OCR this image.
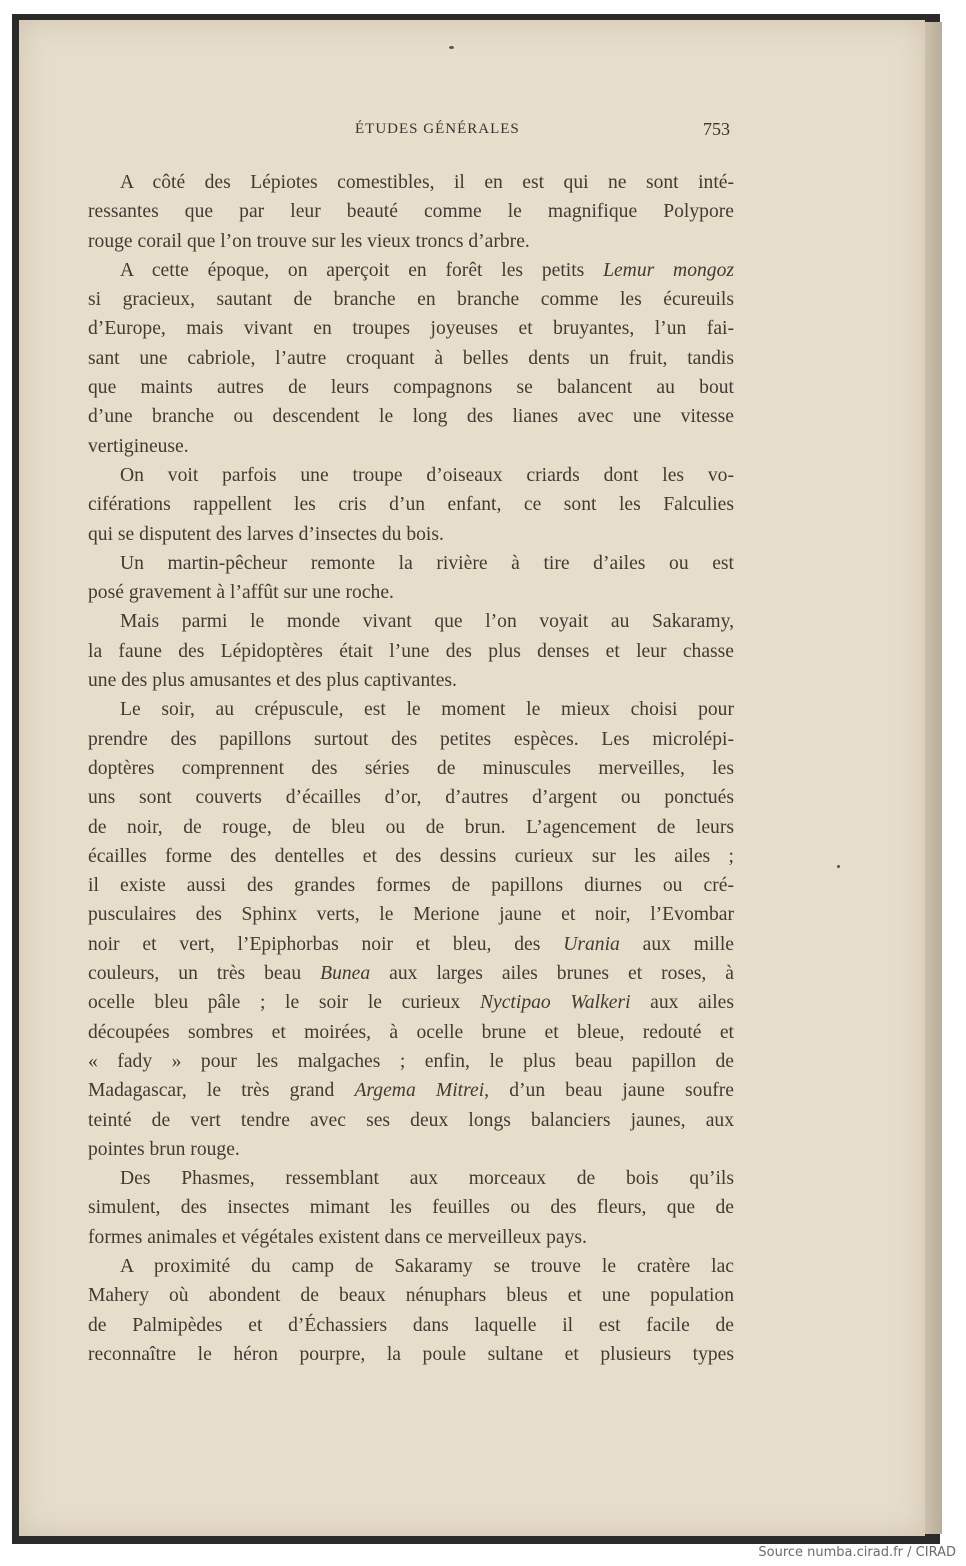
ÉTUDES GÉNÉRALES	753
A côté des Lépiotes comestibles, il en est qui ne sont inté-
ressantes que par leur beauté comme le magnifique Polypore
rouge corail que l’on trouve sur les vieux troncs d’arbre.
A cette époque, on aperçoit en forêt les petits Lemur mongoz
si gracieux, sautant de branche en branche comme les écureuils
d’Europe, mais vivant en troupes joyeuses et bruyantes, l’un fai-
sant une cabriole, l’autre croquant à belles dents un fruit, tandis
que maints autres de leurs compagnons se balancent au bout
d’une branche ou descendent le long des lianes avec une vitesse
vertigineuse.
On voit parfois une troupe d’oiseaux criards dont les vo-
ciférations rappellent les cris d’un enfant, ce sont les Falculies
qui se disputent des larves d’insectes du bois.
Un martin-pêcheur remonte la rivière à tire d’ailes ou est
posé gravement à l’affût sur une roche.
Mais parmi le monde vivant que l’on voyait au Sakaramy,
la faune des Lépidoptères était l’une des plus denses et leur chasse
une des plus amusantes et des plus captivantes.
Le soir, au crépuscule, est le moment le mieux choisi pour
prendre des papillons surtout des petites espèces. Les microlépi-
doptères comprennent des séries de minuscules merveilles, les
uns sont couverts d’écailles d’or, d’autres d’argent ou ponctués
de noir, de rouge, de bleu ou de brun. L’agencement de leurs
écailles forme des dentelles et des dessins curieux sur les ailes ;
il existe aussi des grandes formes de papillons diurnes ou cré-
pusculaires des Sphinx verts, le Merione jaune et noir, l’Evombar
noir et vert, l’Epiphorbas noir et bleu, des Urania aux mille
couleurs, un très beau Bunea aux larges ailes brunes et roses, à
ocelle bleu pâle ; le soir le curieux Nyctipao Walkeri aux ailes
découpées sombres et moirées, à ocelle brune et bleue, redouté et
« fady » pour les malgaches ; enfin, le plus beau papillon de
Madagascar, le très grand Argema Mitrei, d’un beau jaune soufre
teinté de vert tendre avec ses deux longs balanciers jaunes, aux
pointes brun rouge.
Des Phasmes, ressemblant aux morceaux de bois qu’ils
simulent, des insectes mimant les feuilles ou des fleurs, que de
formes animales et végétales existent dans ce merveilleux pays.
A proximité du camp de Sakaramy se trouve le cratère lac
Mahery où abondent de beaux nénuphars bleus et une population
de Palmipèdes et d’Échassiers dans laquelle il est facile de
reconnaître le héron pourpre, la poule sultane et plusieurs types
Source numba.cirad.fr / CIRAD
